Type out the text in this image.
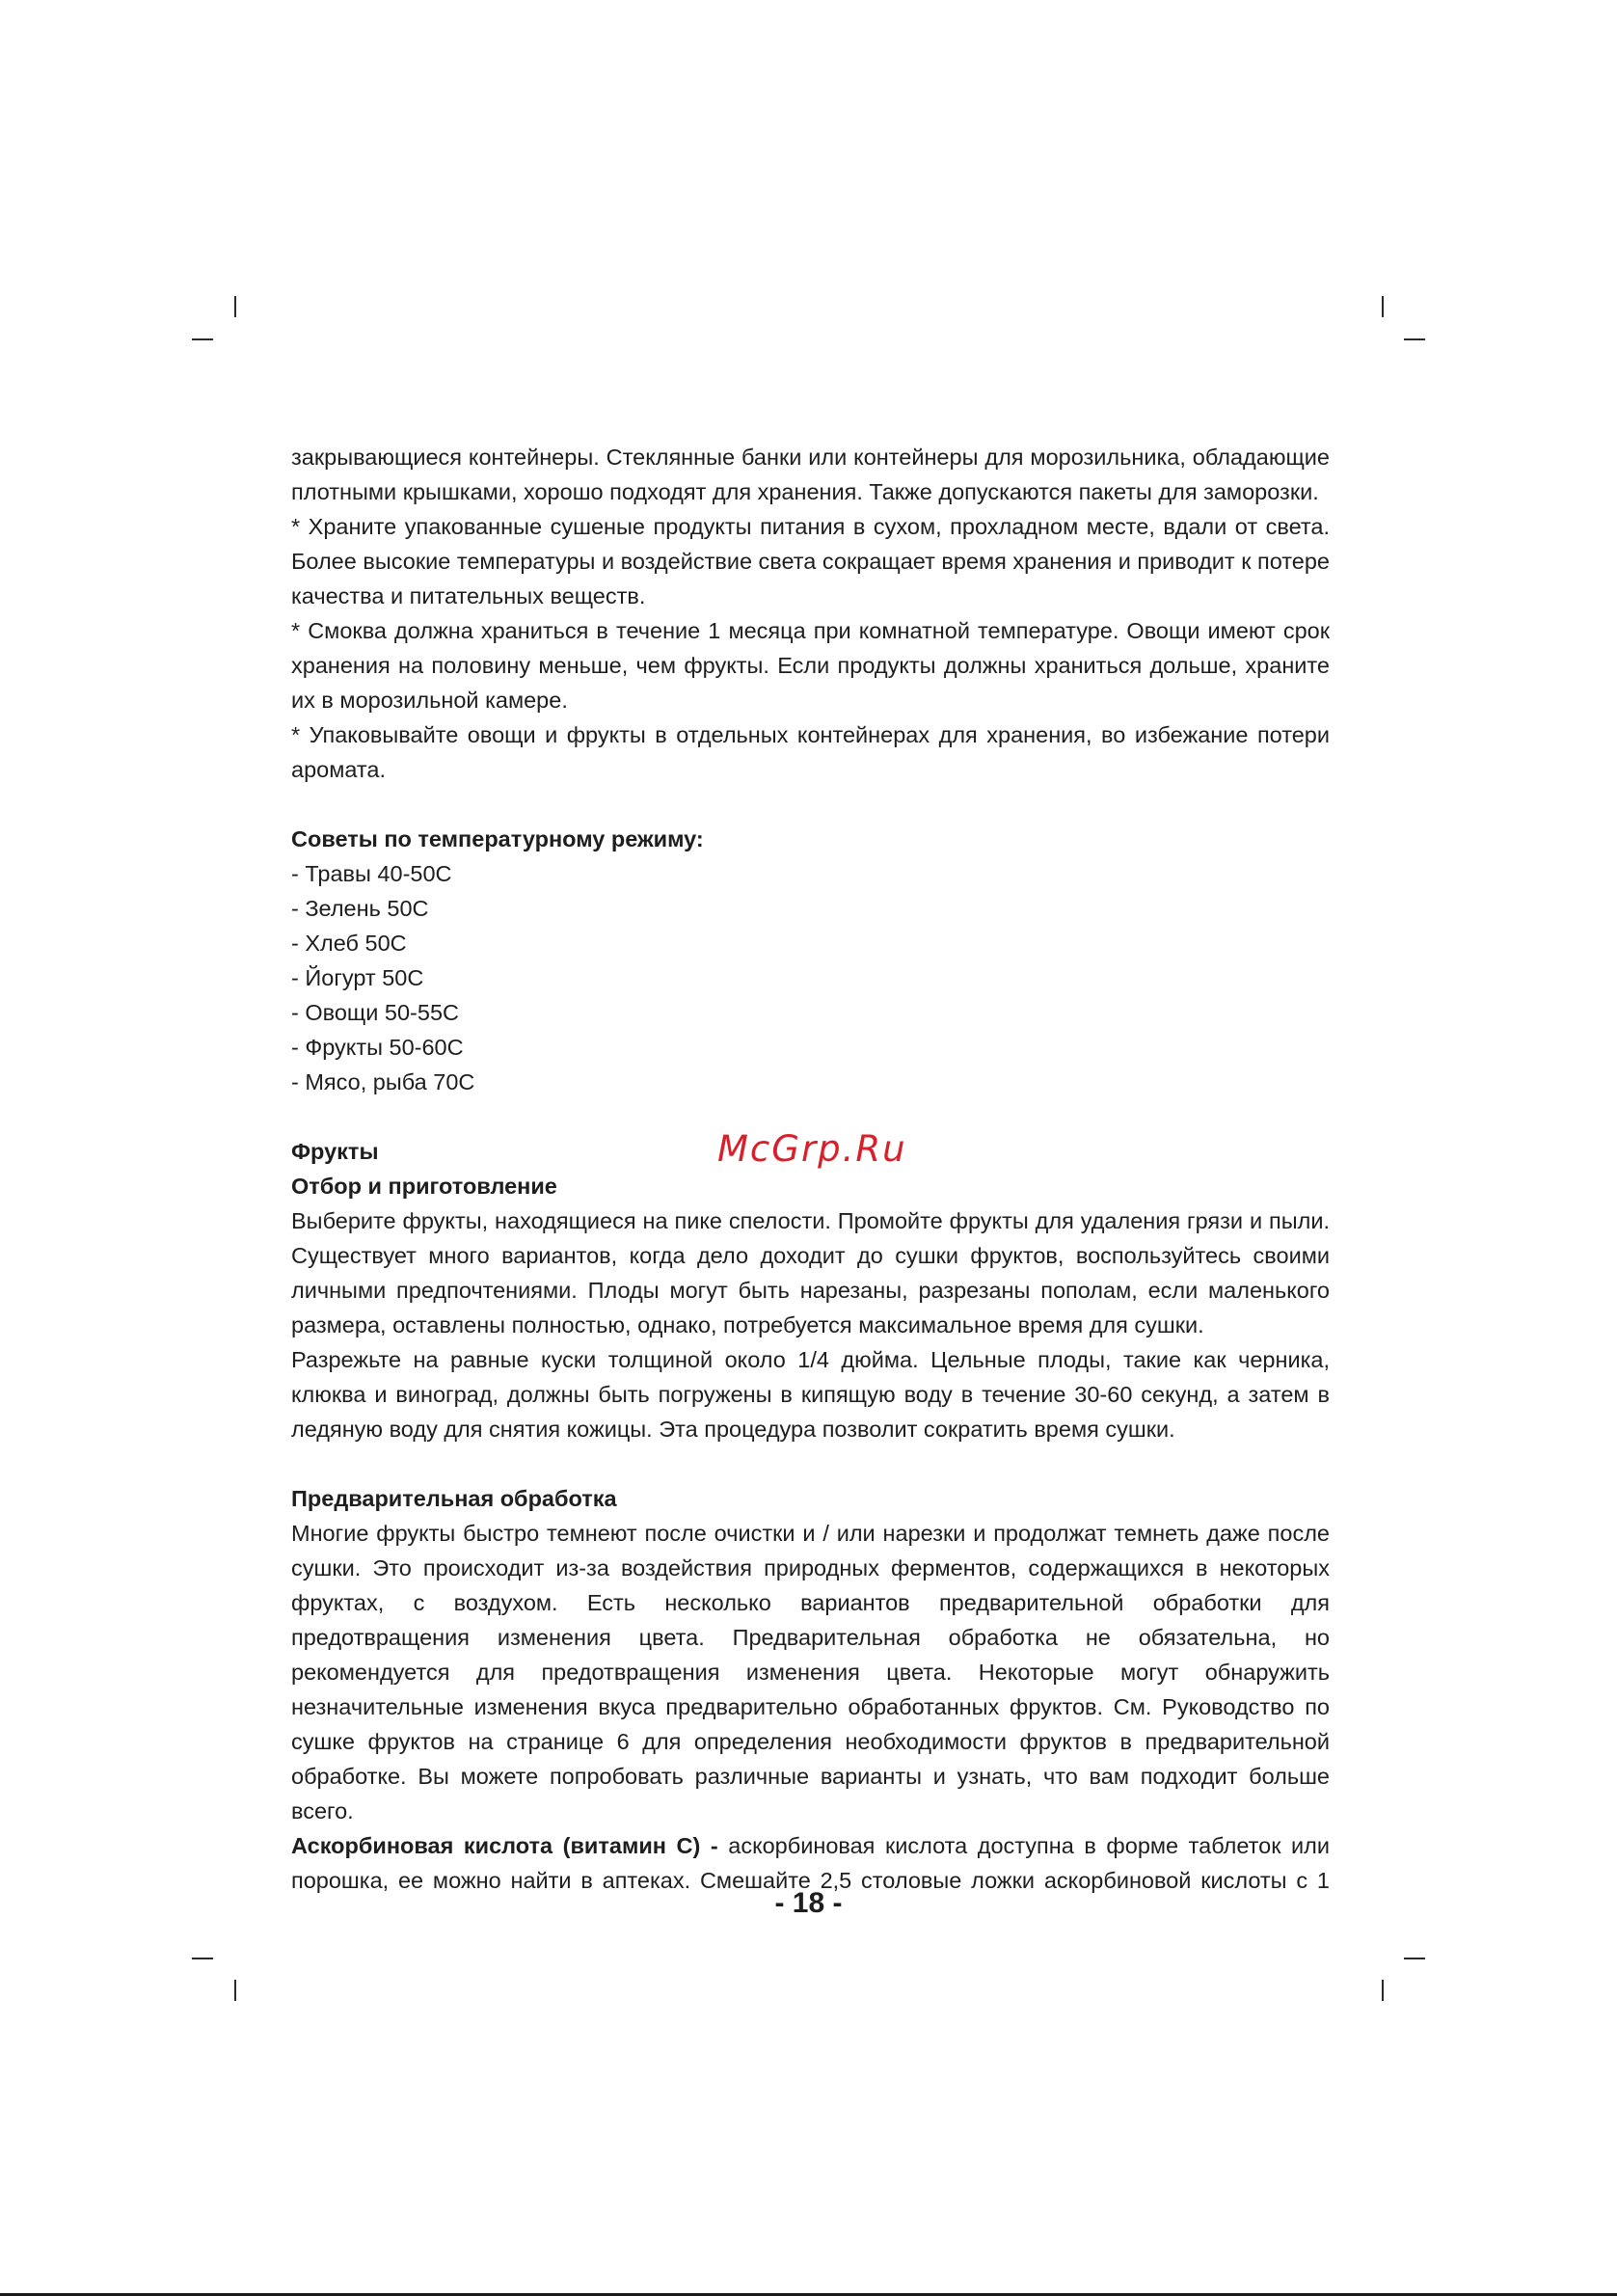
закрывающиеся контейнеры. Стеклянные банки или контейнеры для морозильника, обладающие плотными крышками, хорошо подходят для хранения. Также допускаются пакеты для заморозки.

* Храните упакованные сушеные продукты питания в сухом, прохладном месте, вдали от света. Более высокие температуры и воздействие света сокращает время хранения и приводит к потере качества и питательных веществ.

* Смоква должна храниться в течение 1 месяца при комнатной температуре. Овощи имеют срок хранения на половину меньше, чем фрукты. Если продукты должны храниться дольше, храните их в морозильной камере.

* Упаковывайте овощи и фрукты в отдельных контейнерах для хранения, во избежание потери аромата.

Советы по температурному режиму:
- Травы 40-50С
- Зелень 50С
- Хлеб 50С
- Йогурт 50С
- Овощи 50-55С
- Фрукты 50-60С
- Мясо, рыба 70С
Фрукты
Отбор и приготовление

Выберите фрукты, находящиеся на пике спелости. Промойте фрукты для удаления грязи и пыли. Существует много вариантов, когда дело доходит до сушки фруктов, воспользуйтесь своими личными предпочтениями. Плоды могут быть нарезаны, разрезаны пополам, если маленького размера, оставлены полностью, однако, потребуется максимальное время для сушки.

Разрежьте на равные куски толщиной около 1/4 дюйма. Цельные плоды, такие как черника, клюква и виноград, должны быть погружены в кипящую воду в течение 30-60 секунд, а затем в ледяную воду для снятия кожицы. Эта процедура позволит сократить время сушки.

Предварительная обработка

Многие фрукты быстро темнеют после очистки и / или нарезки и продолжат темнеть даже после сушки. Это происходит из-за воздействия природных ферментов, содержащихся в некоторых фруктах, с воздухом. Есть несколько вариантов предварительной обработки для предотвращения изменения цвета. Предварительная обработка не обязательна, но рекомендуется для предотвращения изменения цвета. Некоторые могут обнаружить незначительные изменения вкуса предварительно обработанных фруктов. См. Руководство по сушке фруктов на странице 6 для определения необходимости фруктов в предварительной обработке. Вы можете попробовать различные варианты и узнать, что вам подходит больше всего.

Аскорбиновая кислота (витамин С) - аскорбиновая кислота доступна в форме таблеток или порошка, ее можно найти в аптеках. Смешайте 2,5 столовые ложки аскорбиновой кислоты с 1

McGrp.Ru
- 18 -
